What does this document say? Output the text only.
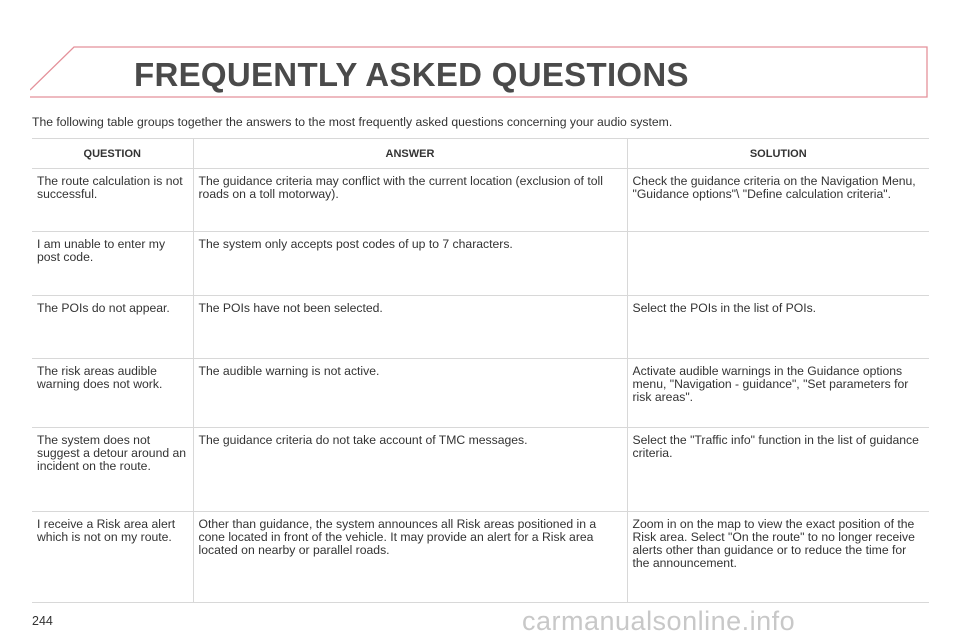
FREQUENTLY ASKED QUESTIONS
The following table groups together the answers to the most frequently asked questions concerning your audio system.
QUESTION	ANSWER	SOLUTION
The route calculation is not successful.	The guidance criteria may conflict with the current location (exclusion of toll roads on a toll motorway).	Check the guidance criteria on the Navigation Menu, "Guidance options"\ "Define calculation criteria".
I am unable to enter my post code.	The system only accepts post codes of up to 7 characters.	
The POIs do not appear.	The POIs have not been selected.	Select the POIs in the list of POIs.
The risk areas audible warning does not work.	The audible warning is not active.	Activate audible warnings in the Guidance options menu, "Navigation - guidance", "Set parameters for risk areas".
The system does not suggest a detour around an incident on the route.	The guidance criteria do not take account of TMC messages.	Select the "Traffic info" function in the list of guidance criteria.
I receive a Risk area alert which is not on my route.	Other than guidance, the system announces all Risk areas positioned in a cone located in front of the vehicle. It may provide an alert for a Risk area located on nearby or parallel roads.	Zoom in on the map to view the exact position of the Risk area. Select "On the route" to no longer receive alerts other than guidance or to reduce the time for the announcement.
244	carmanualsonline.info
